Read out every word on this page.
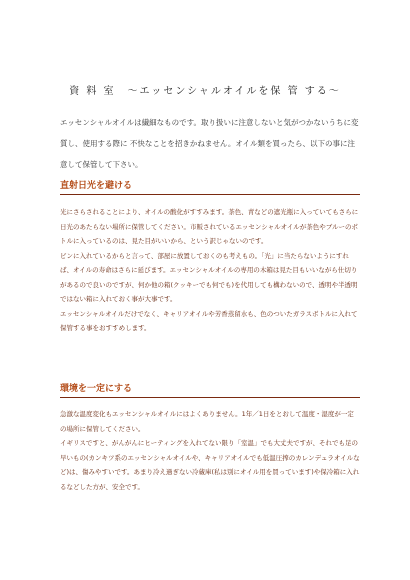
資 料 室　～エッセンシャルオイルを保 管 する～

エッセンシャルオイルは繊細なものです。取り扱いに注意しないと気がつかないうちに変質し、使用する際に 不快なことを招きかねません。オイル類を買ったら、以下の事に注意して保管して下さい。

直射日光を避ける

光にさらされることにより、オイルの酸化がすすみます。茶色、青などの遮光瓶に入っていてもさらに日光のあたらない場所に保管してください。市販されているエッセンシャルオイルが茶色やブルーのボトルに入っているのは、見た目がいいから、という訳じゃないのです。

ビンに入れているからと言って、部屋に放置しておくのも考えもの。「光」に当たらないようにすれば、オイルの寿命はさらに延びます。エッセンシャルオイルの専用の木箱は見た目もいいながら仕切りがあるので良いのですが、何か他の箱(クッキーでも何でも)を代用しても構わないので、透明や半透明ではない箱に入れておく事が大事です。

エッセンシャルオイルだけでなく、キャリアオイルや芳香蒸留水も、色のついたガラスボトルに入れて保管する事をおすすめします。

環境を一定にする

急激な温度変化もエッセンシャルオイルにはよくありません。1年／1日をとおして温度・湿度が一定の場所に保管してください。

イギリスですと、がんがんにヒーティングを入れてない限り「室温」でも大丈夫ですが、それでも足の早いもの(カンキツ系のエッセンシャルオイルや、キャリアオイルでも低温圧搾のカレンデュラオイルなど)は、傷みやすいです。あまり冷え過ぎない冷蔵庫(私は別にオイル用を買っています)や保冷箱に入れるなどした方が、安全です。
